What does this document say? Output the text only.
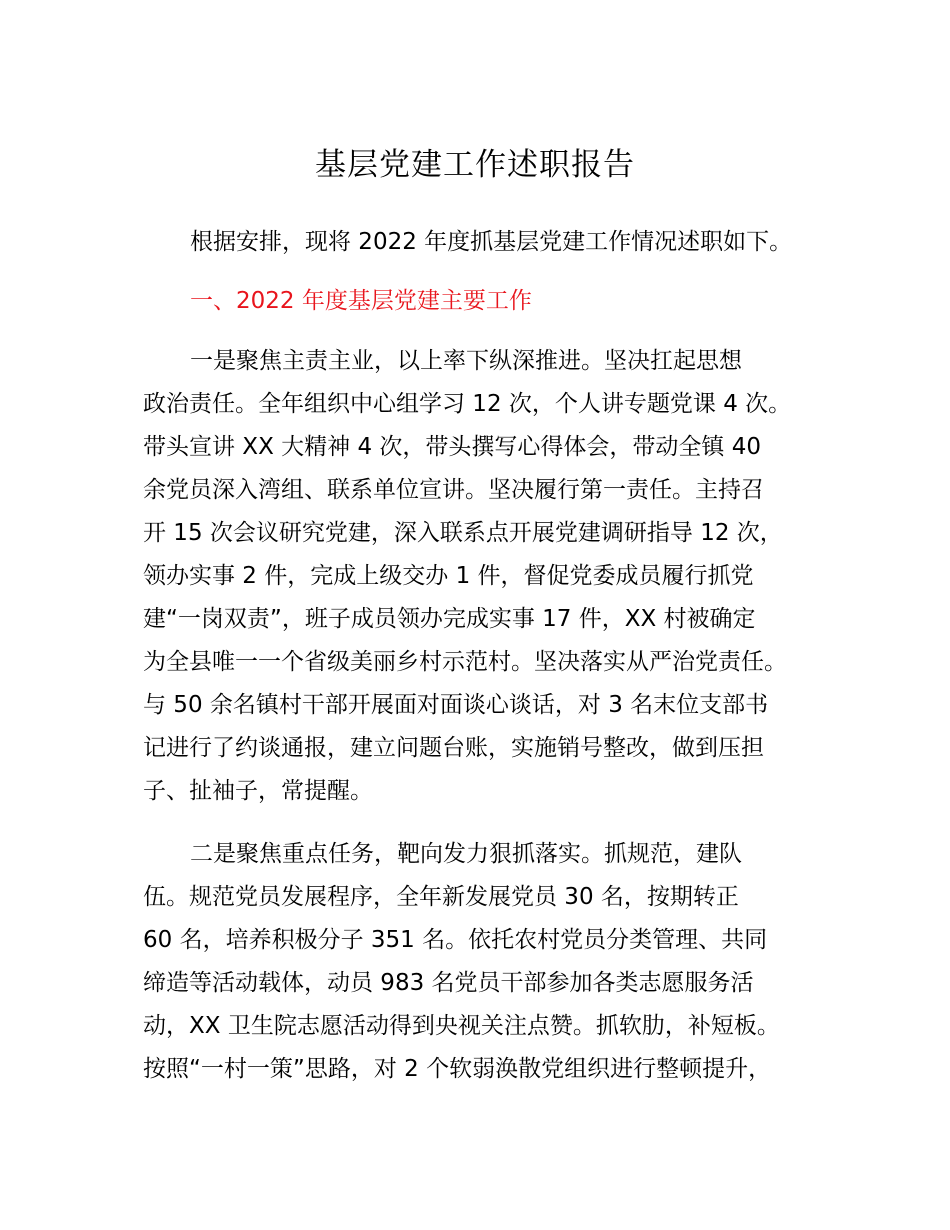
基层党建工作述职报告
根据安排，现将 2022 年度抓基层党建工作情况述职如下。
一、2022 年度基层党建主要工作
一是聚焦主责主业，以上率下纵深推进。坚决扛起思想
政治责任。全年组织中心组学习 12 次，个人讲专题党课 4 次。
带头宣讲 XX 大精神 4 次，带头撰写心得体会，带动全镇 40
余党员深入湾组、联系单位宣讲。坚决履行第一责任。主持召
开 15 次会议研究党建，深入联系点开展党建调研指导 12 次，
领办实事 2 件，完成上级交办 1 件，督促党委成员履行抓党
建“一岗双责”，班子成员领办完成实事 17 件，XX 村被确定
为全县唯一一个省级美丽乡村示范村。坚决落实从严治党责任。
与 50 余名镇村干部开展面对面谈心谈话，对 3 名末位支部书
记进行了约谈通报，建立问题台账，实施销号整改，做到压担
子、扯袖子，常提醒。
二是聚焦重点任务，靶向发力狠抓落实。抓规范，建队
伍。规范党员发展程序，全年新发展党员 30 名，按期转正
60 名，培养积极分子 351 名。依托农村党员分类管理、共同
缔造等活动载体，动员 983 名党员干部参加各类志愿服务活
动，XX 卫生院志愿活动得到央视关注点赞。抓软肋，补短板。
按照“一村一策”思路，对 2 个软弱涣散党组织进行整顿提升，
